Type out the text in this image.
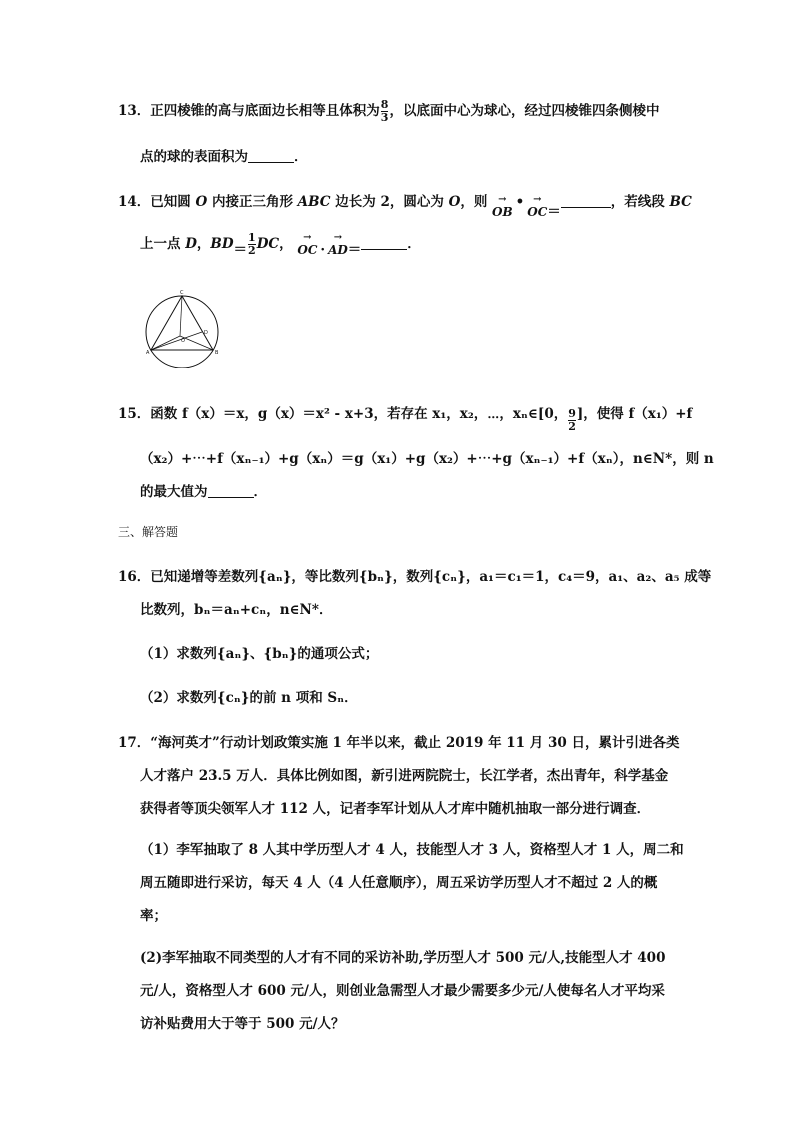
13．正四棱锥的高与底面边长相等且体积为 $\frac{8}{3}$ ，以底面中心为球心，经过四棱锥四条侧棱中
点的球的表面积为	．
14．已知圆 O 内接正三角形 ABC 边长为 2，圆心为 O，则	→
OB• →
OC＝，若线段 BC
上一点 D，$BD= \frac{1}{2}$ DC，	→
OC ·
→
AD＝	．
C
O
D
A	B
15．函数 f（x）＝x，g（x）＝x² - x+3，若存在 x₁，x₂，⋯，xₙ∈[0， $\frac{9}{2}$ ]，使得 f（x₁）+f
（x₂）+⋯+f（xₙ₋₁）+g（xₙ）＝g（x₁）+g（x₂）+⋯+g（xₙ₋₁）+f（xₙ），n∈N*，则 n
的最大值为	．
三、解答题
16．已知递增等差数列{aₙ}，等比数列{bₙ}，数列{cₙ}，a₁＝c₁＝1，c₄＝9，a₁、a₂、a₅ 成等
比数列，bₙ＝aₙ+cₙ，n∈N*．
（1）求数列{aₙ}、{bₙ}的通项公式；
（2）求数列{cₙ}的前 n 项和 Sₙ．
17．“海河英才”行动计划政策实施 1 年半以来，截止 2019 年 11 月 30 日，累计引进各类
人才落户 23.5 万人．具体比例如图，新引进两院院士，长江学者，杰出青年，科学基金
获得者等顶尖领军人才 112 人，记者李军计划从人才库中随机抽取一部分进行调查．
（1）李军抽取了 8 人其中学历型人才 4 人，技能型人才 3 人，资格型人才 1 人，周二和
周五随即进行采访，每天 4 人（4 人任意顺序），周五采访学历型人才不超过 2 人的概
率；
(2)李军抽取不同类型的人才有不同的采访补助,学历型人才 500 元/人,技能型人才 400
元/人，资格型人才 600 元/人，则创业急需型人才最少需要多少元/人使每名人才平均采
访补贴费用大于等于 500 元/人？
